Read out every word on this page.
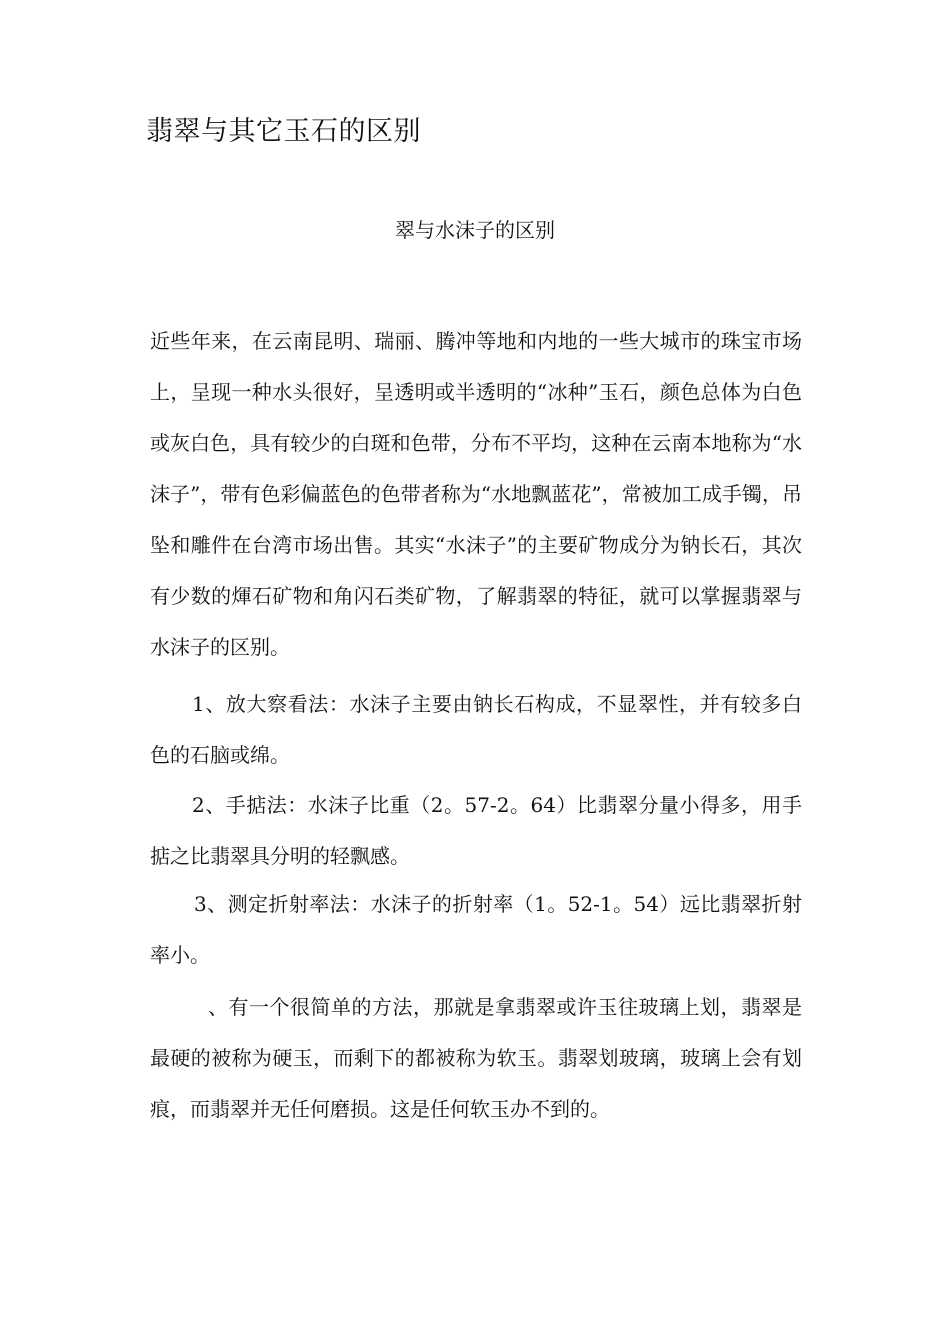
翡翠与其它玉石的区别
翠与水沫子的区别

近些年来，在云南昆明、瑞丽、腾冲等地和内地的一些大城市的珠宝市场上，呈现一种水头很好，呈透明或半透明的“冰种”玉石，颜色总体为白色或灰白色，具有较少的白斑和色带，分布不平均，这种在云南本地称为“水沫子”，带有色彩偏蓝色的色带者称为“水地飘蓝花”，常被加工成手镯，吊坠和雕件在台湾市场出售。其实“水沫子”的主要矿物成分为钠长石，其次有少数的煇石矿物和角闪石类矿物，了解翡翠的特征，就可以掌握翡翠与水沫子的区别。

1、放大察看法：水沫子主要由钠长石构成，不显翠性，并有较多白色的石脑或绵。

2、手掂法：水沫子比重（2。57-2。64）比翡翠分量小得多，用手掂之比翡翠具分明的轻飘感。

3、测定折射率法：水沫子的折射率（1。52-1。54）远比翡翠折射率小。

、有一个很简单的方法，那就是拿翡翠或许玉往玻璃上划，翡翠是最硬的被称为硬玉，而剩下的都被称为软玉。翡翠划玻璃，玻璃上会有划痕，而翡翠并无任何磨损。这是任何软玉办不到的。
